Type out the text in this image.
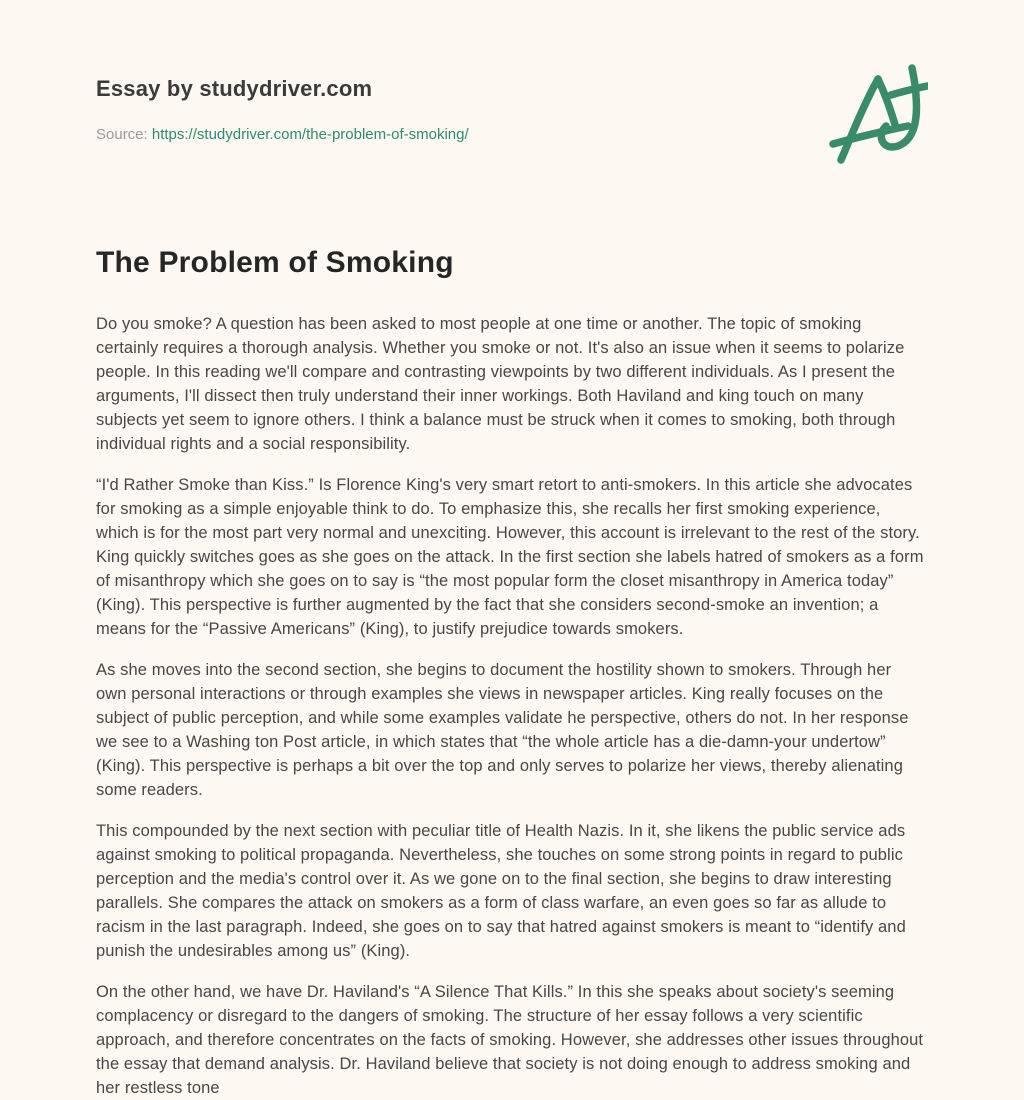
Essay by studydriver.com
Source: https://studydriver.com/the-problem-of-smoking/
The Problem of Smoking

Do you smoke? A question has been asked to most people at one time or another. The topic of smoking certainly requires a thorough analysis. Whether you smoke or not. It's also an issue when it seems to polarize people. In this reading we'll compare and contrasting viewpoints by two different individuals. As I present the arguments, I'll dissect then truly understand their inner workings. Both Haviland and king touch on many subjects yet seem to ignore others. I think a balance must be struck when it comes to smoking, both through individual rights and a social responsibility.

“I'd Rather Smoke than Kiss.” Is Florence King's very smart retort to anti-smokers. In this article she advocates for smoking as a simple enjoyable think to do. To emphasize this, she recalls her first smoking experience, which is for the most part very normal and unexciting. However, this account is irrelevant to the rest of the story. King quickly switches goes as she goes on the attack. In the first section she labels hatred of smokers as a form of misanthropy which she goes on to say is “the most popular form the closet misanthropy in America today” (King). This perspective is further augmented by the fact that she considers second-smoke an invention; a means for the “Passive Americans” (King), to justify prejudice towards smokers.

As she moves into the second section, she begins to document the hostility shown to smokers. Through her own personal interactions or through examples she views in newspaper articles. King really focuses on the subject of public perception, and while some examples validate he perspective, others do not. In her response we see to a Washing ton Post article, in which states that “the whole article has a die-damn-your undertow” (King). This perspective is perhaps a bit over the top and only serves to polarize her views, thereby alienating some readers.

This compounded by the next section with peculiar title of Health Nazis. In it, she likens the public service ads against smoking to political propaganda. Nevertheless, she touches on some strong points in regard to public perception and the media's control over it. As we gone on to the final section, she begins to draw interesting parallels. She compares the attack on smokers as a form of class warfare, an even goes so far as allude to racism in the last paragraph. Indeed, she goes on to say that hatred against smokers is meant to “identify and punish the undesirables among us” (King).

On the other hand, we have Dr. Haviland's “A Silence That Kills.” In this she speaks about society's seeming complacency or disregard to the dangers of smoking. The structure of her essay follows a very scientific approach, and therefore concentrates on the facts of smoking. However, she addresses other issues throughout the essay that demand analysis. Dr. Haviland believe that society is not doing enough to address smoking and her restless tone
